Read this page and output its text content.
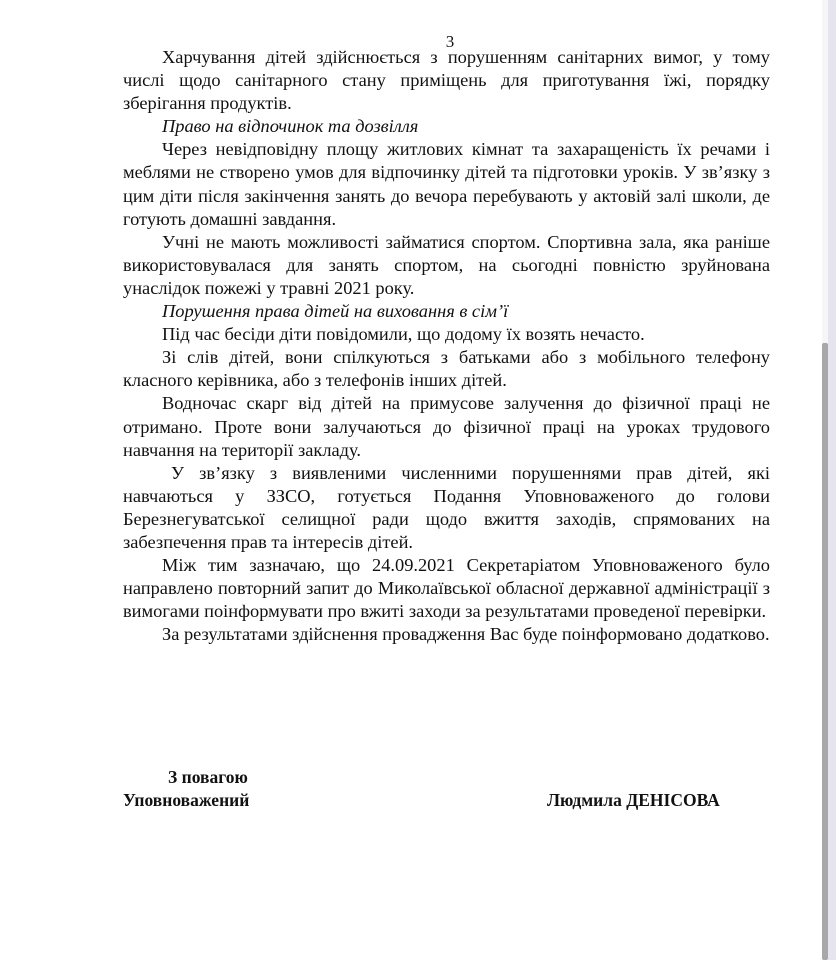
3

Харчування дітей здійснюється з порушенням санітарних вимог, у тому числі щодо санітарного стану приміщень для приготування їжі, порядку зберігання продуктів.

Право на відпочинок та дозвілля

Через невідповідну площу житлових кімнат та захаращеність їх речами і меблями не створено умов для відпочинку дітей та підготовки уроків. У зв’язку з цим діти після закінчення занять до вечора перебувають у актовій залі школи, де готують домашні завдання.

Учні не мають можливості займатися спортом. Спортивна зала, яка раніше використовувалася для занять спортом, на сьогодні повністю зруйнована унаслідок пожежі у травні 2021 року.

Порушення права дітей на виховання в сім’ї

Під час бесіди діти повідомили, що додому їх возять нечасто.

Зі слів дітей, вони спілкуються з батьками або з мобільного телефону класного керівника, або з телефонів інших дітей.

Водночас скарг від дітей на примусове залучення до фізичної праці не отримано. Проте вони залучаються до фізичної праці на уроках трудового навчання на території закладу.

У зв’язку з виявленими численними порушеннями прав дітей, які навчаються у ЗЗСО, готується Подання Уповноваженого до голови Березнегуватської селищної ради щодо вжиття заходів, спрямованих на забезпечення прав та інтересів дітей.

Між тим зазначаю, що 24.09.2021 Секретаріатом Уповноваженого було направлено повторний запит до Миколаївської обласної державної адміністрації з вимогами поінформувати про вжиті заходи за результатами проведеної перевірки.

За результатами здійснення провадження Вас буде поінформовано додатково.

З повагою
Уповноважений	Людмила ДЕНІСОВА
